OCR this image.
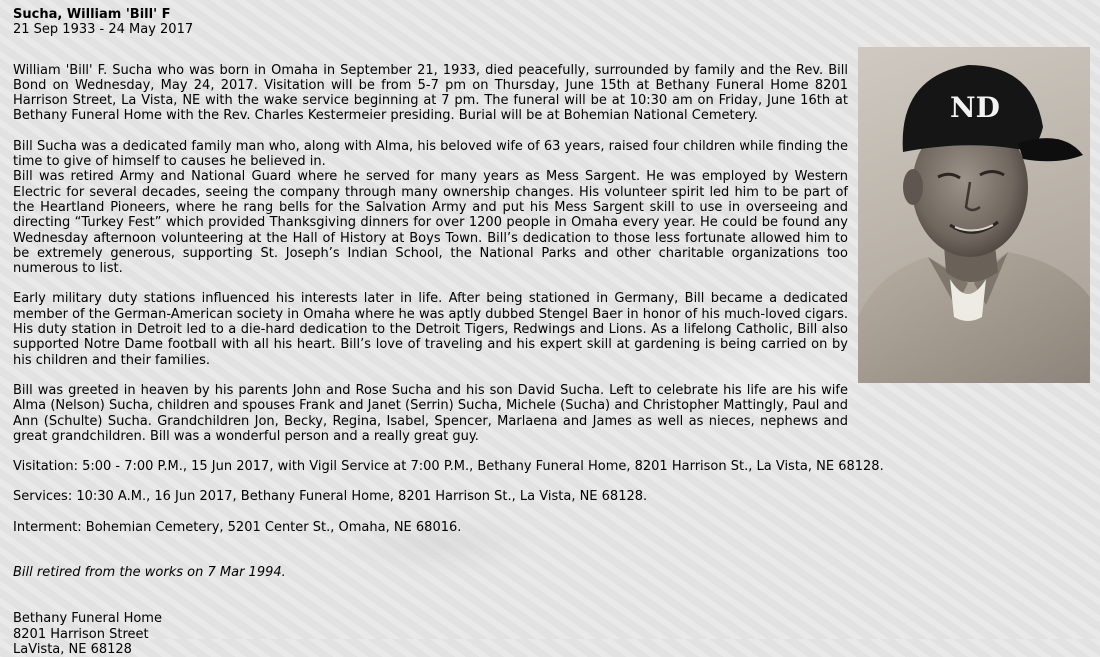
Sucha, William 'Bill' F
21 Sep 1933 - 24 May 2017

William 'Bill' F. Sucha who was born in Omaha in September 21, 1933, died peacefully, surrounded by family and the Rev. Bill Bond on Wednesday, May 24, 2017. Visitation will be from 5-7 pm on Thursday, June 15th at Bethany Funeral Home 8201 Harrison Street, La Vista, NE with the wake service beginning at 7 pm. The funeral will be at 10:30 am on Friday, June 16th at Bethany Funeral Home with the Rev. Charles Kestermeier presiding. Burial will be at Bohemian National Cemetery.

Bill Sucha was a dedicated family man who, along with Alma, his beloved wife of 63 years, raised four children while finding the time to give of himself to causes he believed in.

Bill was retired Army and National Guard where he served for many years as Mess Sargent. He was employed by Western Electric for several decades, seeing the company through many ownership changes. His volunteer spirit led him to be part of the Heartland Pioneers, where he rang bells for the Salvation Army and put his Mess Sargent skill to use in overseeing and directing “Turkey Fest” which provided Thanksgiving dinners for over 1200 people in Omaha every year. He could be found any Wednesday afternoon volunteering at the Hall of History at Boys Town. Bill’s dedication to those less fortunate allowed him to be extremely generous, supporting St. Joseph’s Indian School, the National Parks and other charitable organizations too numerous to list.

Early military duty stations influenced his interests later in life. After being stationed in Germany, Bill became a dedicated member of the German-American society in Omaha where he was aptly dubbed Stengel Baer in honor of his much-loved cigars. His duty station in Detroit led to a die-hard dedication to the Detroit Tigers, Redwings and Lions. As a lifelong Catholic, Bill also supported Notre Dame football with all his heart. Bill’s love of traveling and his expert skill at gardening is being carried on by his children and their families.

Bill was greeted in heaven by his parents John and Rose Sucha and his son David Sucha. Left to celebrate his life are his wife Alma (Nelson) Sucha, children and spouses Frank and Janet (Serrin) Sucha, Michele (Sucha) and Christopher Mattingly, Paul and Ann (Schulte) Sucha. Grandchildren Jon, Becky, Regina, Isabel, Spencer, Marlaena and James as well as nieces, nephews and great grandchildren. Bill was a wonderful person and a really great guy.

Visitation: 5:00 - 7:00 P.M., 15 Jun 2017, with Vigil Service at 7:00 P.M., Bethany Funeral Home, 8201 Harrison St., La Vista, NE 68128.

Services: 10:30 A.M., 16 Jun 2017, Bethany Funeral Home, 8201 Harrison St., La Vista, NE 68128.

Interment: Bohemian Cemetery, 5201 Center St., Omaha, NE 68016.

Bill retired from the works on 7 Mar 1994.

Bethany Funeral Home
8201 Harrison Street
LaVista, NE 68128
ND
